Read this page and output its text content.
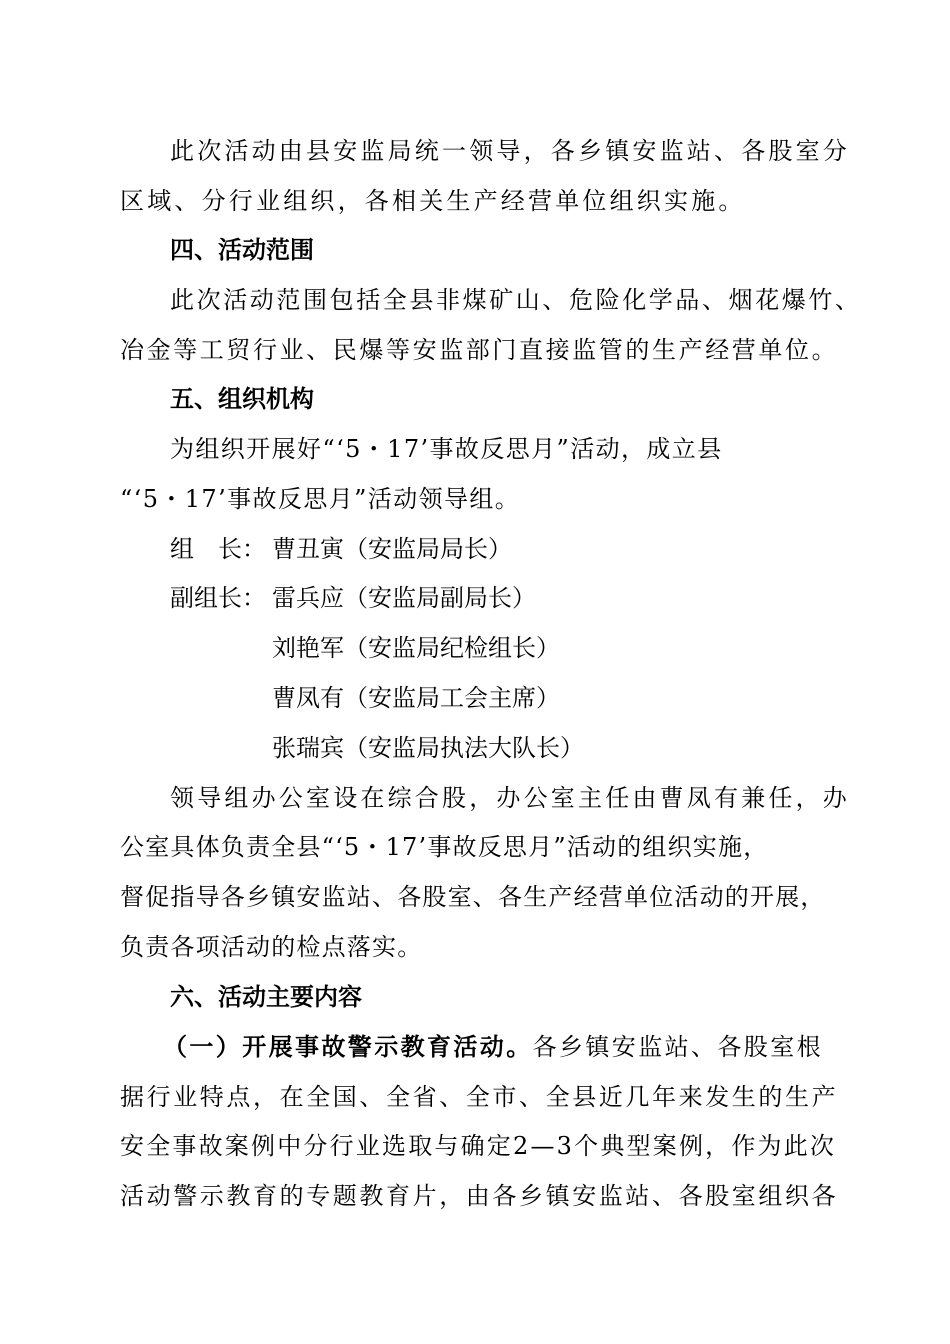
此次活动由县安监局统一领导，各乡镇安监站、各股室分
区域、分行业组织，各相关生产经营单位组织实施。
四、活动范围
此次活动范围包括全县非煤矿山、危险化学品、烟花爆竹、
冶金等工贸行业、民爆等安监部门直接监管的生产经营单位。
五、组织机构
为组织开展好“‘5・17’事故反思月”活动，成立县
“‘5・17’事故反思月”活动领导组。
组　长： 曹丑寅（安监局局长）
副组长： 雷兵应（安监局副局长）
刘艳军（安监局纪检组长）
曹凤有（安监局工会主席）
张瑞宾（安监局执法大队长）
领导组办公室设在综合股，办公室主任由曹凤有兼任，办
公室具体负责全县“‘5・17’事故反思月”活动的组织实施，
督促指导各乡镇安监站、各股室、各生产经营单位活动的开展，
负责各项活动的检点落实。
六、活动主要内容
（一）开展事故警示教育活动。各乡镇安监站、各股室根
据行业特点，在全国、全省、全市、全县近几年来发生的生产
安全事故案例中分行业选取与确定2—3个典型案例，作为此次
活动警示教育的专题教育片，由各乡镇安监站、各股室组织各
